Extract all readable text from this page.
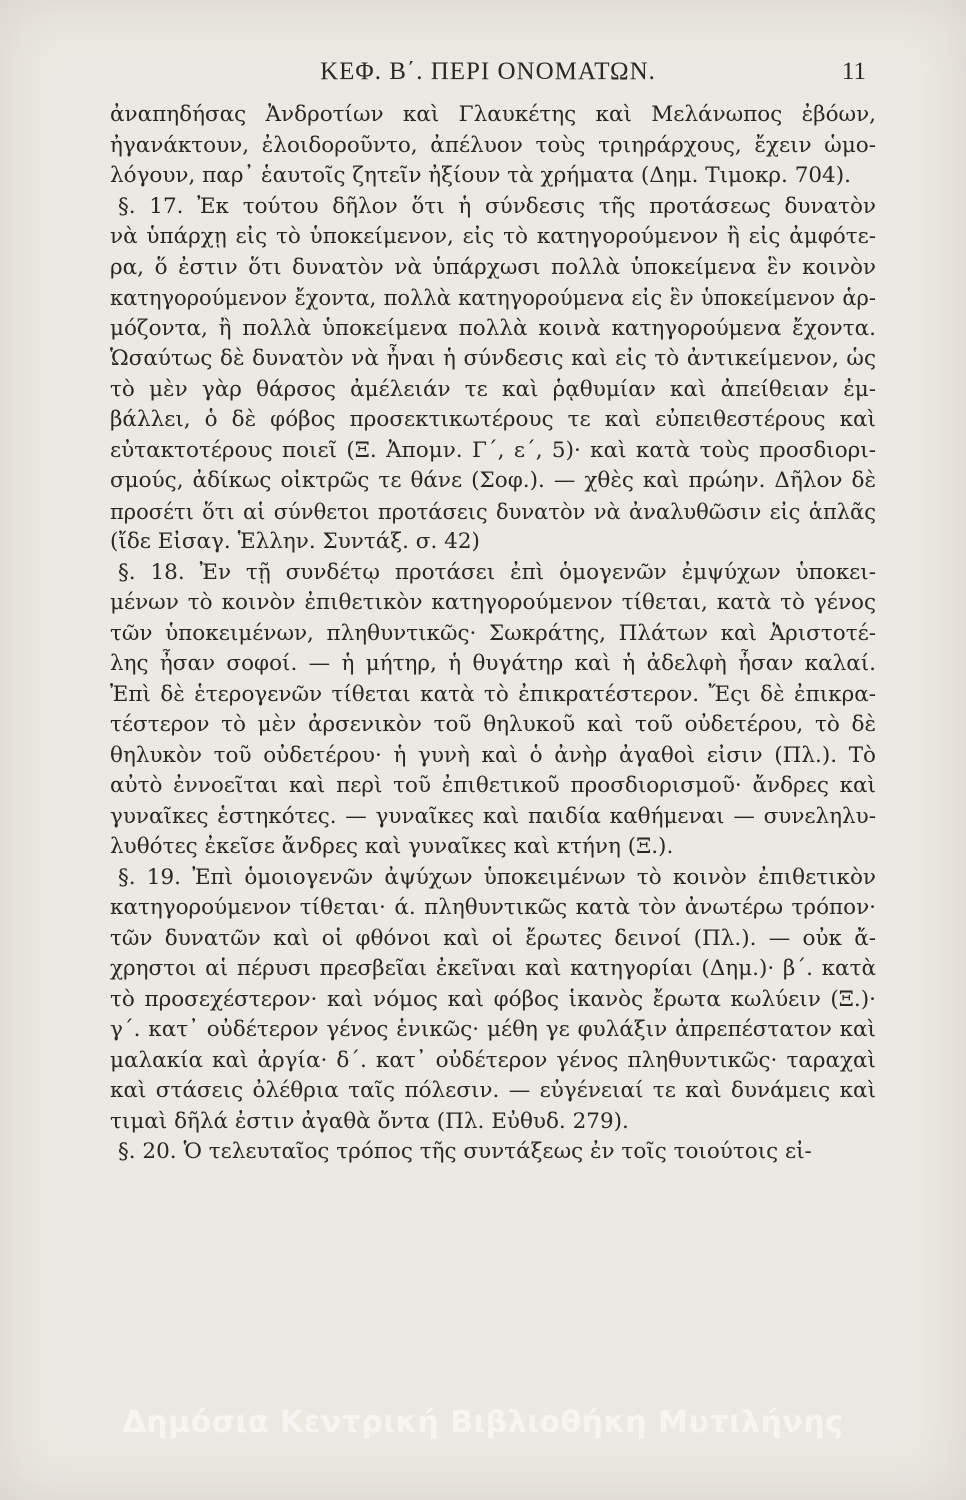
ΚΕΦ. Β΄. ΠΕΡΙ ΟΝΟΜΑΤΩΝ.	11
ἀναπηδήσας Ἀνδροτίων καὶ Γλαυκέτης καὶ Μελάνωπος ἐβόων,
ἠγανάκτουν, ἐλοιδοροῦντο, ἀπέλυον τοὺς τριηράρχους, ἔχειν ὡμο-
λόγουν, παρ᾽ ἑαυτοῖς ζητεῖν ἠξίουν τὰ χρήματα (Δημ. Τιμοκρ. 704).
§. 17. Ἐκ τούτου δῆλον ὅτι ἡ σύνδεσις τῆς προτάσεως δυνατὸν
νὰ ὑπάρχῃ εἰς τὸ ὑποκείμενον, εἰς τὸ κατηγορούμενον ἢ εἰς ἀμφότε-
ρα, ὅ ἐστιν ὅτι δυνατὸν νὰ ὑπάρχωσι πολλὰ ὑποκείμενα ἓν κοινὸν
κατηγορούμενον ἔχοντα, πολλὰ κατηγορούμενα εἰς ἓν ὑποκείμενον ἁρ-
μόζοντα, ἢ πολλὰ ὑποκείμενα πολλὰ κοινὰ κατηγορούμενα ἔχοντα.
Ὡσαύτως δὲ δυνατὸν νὰ ἦναι ἡ σύνδεσις καὶ εἰς τὸ ἀντικείμενον, ὡς
τὸ μὲν γὰρ θάρσος ἀμέλειάν τε καὶ ῥᾳθυμίαν καὶ ἀπείθειαν ἐμ-
βάλλει, ὁ δὲ φόβος προσεκτικωτέρους τε καὶ εὐπειθεστέρους καὶ
εὐτακτοτέρους ποιεῖ (Ξ. Ἀπομν. Γ΄, ε΄, 5)· καὶ κατὰ τοὺς προσδιορι-
σμούς, ἀδίκως οἰκτρῶς τε θάνε (Σοφ.). — χθὲς καὶ πρώην. Δῆλον δὲ
προσέτι ὅτι αἱ σύνθετοι προτάσεις δυνατὸν νὰ ἀναλυθῶσιν εἰς ἁπλᾶς
(ἴδε Εἰσαγ. Ἑλλην. Συντάξ. σ. 42)
§. 18. Ἐν τῇ συνδέτῳ προτάσει ἐπὶ ὁμογενῶν ἐμψύχων ὑποκει-
μένων τὸ κοινὸν ἐπιθετικὸν κατηγορούμενον τίθεται, κατὰ τὸ γένος
τῶν ὑποκειμένων, πληθυντικῶς· Σωκράτης, Πλάτων καὶ Ἀριστοτέ-
λης ἦσαν σοφοί. — ἡ μήτηρ, ἡ θυγάτηρ καὶ ἡ ἀδελφὴ ἦσαν καλαί.
Ἐπὶ δὲ ἑτερογενῶν τίθεται κατὰ τὸ ἐπικρατέστερον. Ἔςι δὲ ἐπικρα-
τέστερον τὸ μὲν ἀρσενικὸν τοῦ θηλυκοῦ καὶ τοῦ οὐδετέρου, τὸ δὲ
θηλυκὸν τοῦ οὐδετέρου· ἡ γυνὴ καὶ ὁ ἀνὴρ ἀγαθοὶ εἰσιν (Πλ.). Τὸ
αὐτὸ ἐννοεῖται καὶ περὶ τοῦ ἐπιθετικοῦ προσδιορισμοῦ· ἄνδρες καὶ
γυναῖκες ἑστηκότες. — γυναῖκες καὶ παιδία καθήμεναι — συνεληλυ-
λυθότες ἐκεῖσε ἄνδρες καὶ γυναῖκες καὶ κτήνη (Ξ.).
§. 19. Ἐπὶ ὁμοιογενῶν ἀψύχων ὑποκειμένων τὸ κοινὸν ἐπιθετικὸν
κατηγορούμενον τίθεται· ά. πληθυντικῶς κατὰ τὸν ἀνωτέρω τρόπον·
τῶν δυνατῶν καὶ οἱ φθόνοι καὶ οἱ ἔρωτες δεινοί (Πλ.). — οὐκ ἄ-
χρηστοι αἱ πέρυσι πρεσβεῖαι ἐκεῖναι καὶ κατηγορίαι (Δημ.)· β΄. κατὰ
τὸ προσεχέστερον· καὶ νόμος καὶ φόβος ἱκανὸς ἔρωτα κωλύειν (Ξ.)·
γ΄. κατ᾽ οὐδέτερον γένος ἑνικῶς· μέθη γε φυλάξιν ἀπρεπέστατον καὶ
μαλακία καὶ ἀργία· δ΄. κατ᾽ οὐδέτερον γένος πληθυντικῶς· ταραχαὶ
καὶ στάσεις ὀλέθρια ταῖς πόλεσιν. — εὐγένειαί τε καὶ δυνάμεις καὶ
τιμαὶ δῆλά ἐστιν ἀγαθὰ ὄντα (Πλ. Εὐθυδ. 279).
§. 20. Ὁ τελευταῖος τρόπος τῆς συντάξεως ἐν τοῖς τοιούτοις εἰ-
Δημόσια Κεντρική Βιβλιοθήκη Μυτιλήνης
